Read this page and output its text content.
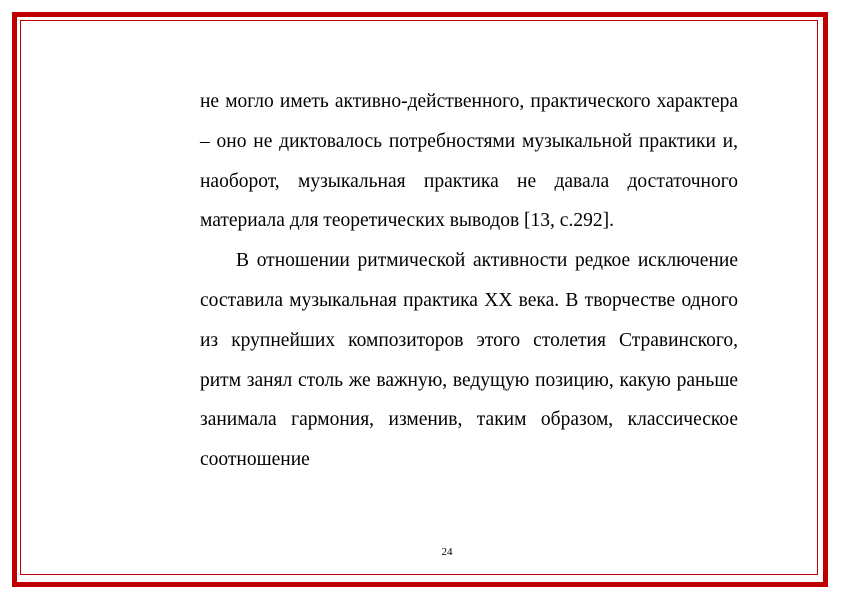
не могло иметь активно-действенного, практического характера – оно не диктовалось потребностями музыкальной практики и, наоборот, музыкальная практика не давала достаточного материала для теоретических выводов [13, с.292].

В отношении ритмической активности редкое исключение составила музыкальная практика XX века. В творчестве одного из крупнейших композиторов этого столетия Стравинского, ритм занял столь же важную, ведущую позицию, какую раньше занимала гармония, изменив, таким образом, классическое соотношение

24
